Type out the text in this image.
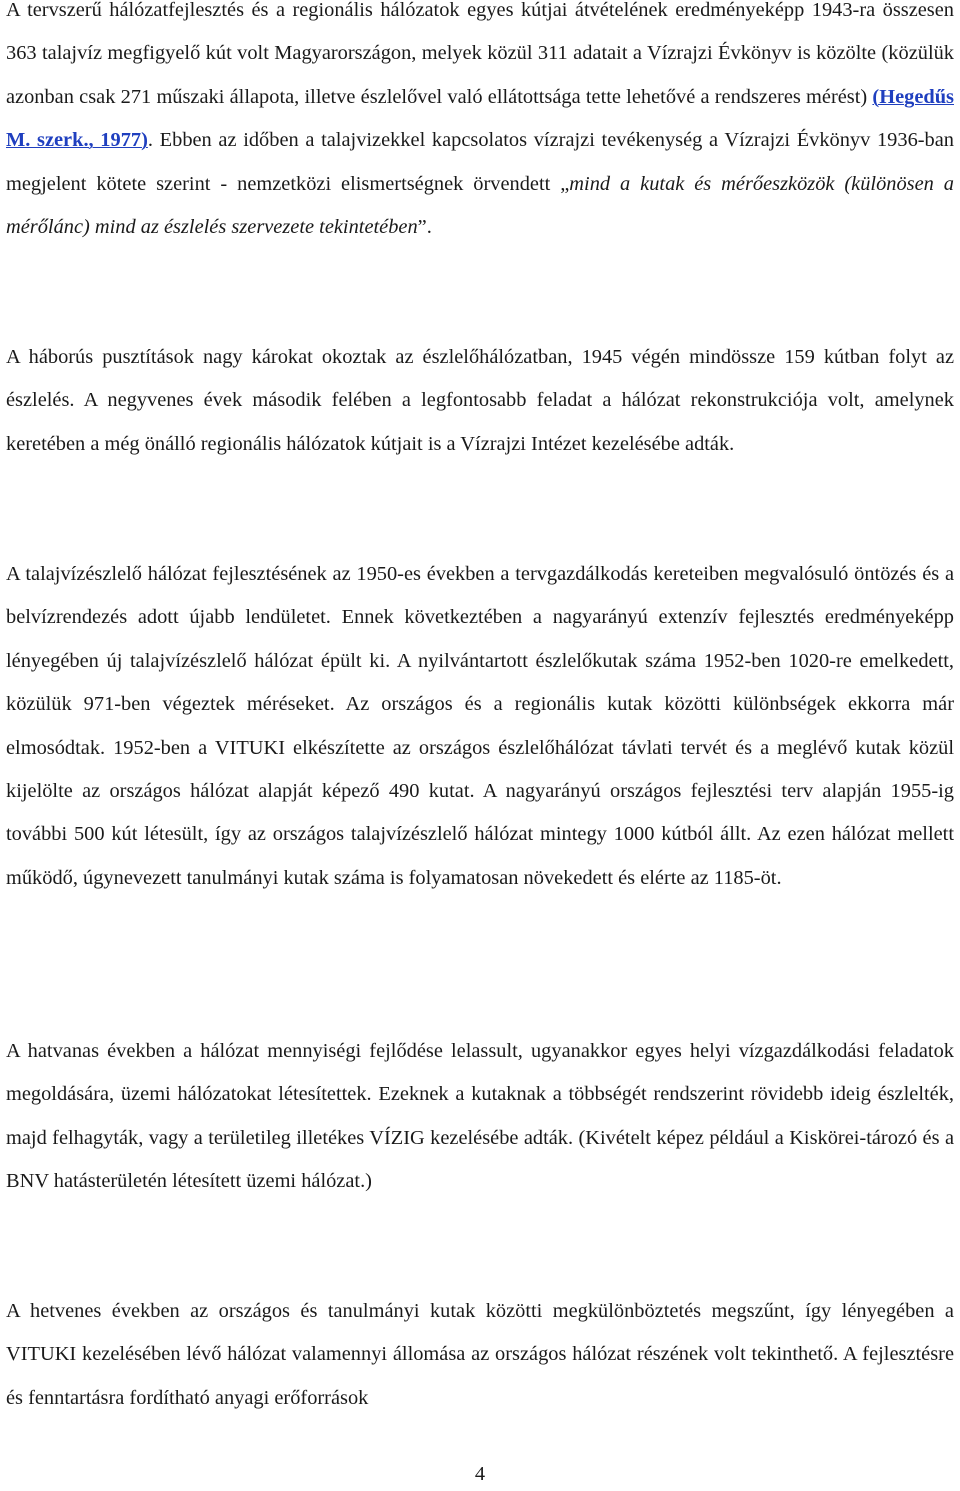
A tervszerű hálózatfejlesztés és a regionális hálózatok egyes kútjai átvételének eredményeképp 1943-ra összesen 363 talajvíz megfigyelő kút volt Magyarországon, melyek közül 311 adatait a Vízrajzi Évkönyv is közölte (közülük azonban csak 271 műszaki állapota, illetve észlelővel való ellátottsága tette lehetővé a rendszeres mérést) (Hegedűs M. szerk., 1977). Ebben az időben a talajvizekkel kapcsolatos vízrajzi tevékenység a Vízrajzi Évkönyv 1936-ban megjelent kötete szerint - nemzetközi elismertségnek örvendett „mind a kutak és mérőeszközök (különösen a mérőlánc) mind az észlelés szervezete tekintetében”.

A háborús pusztítások nagy károkat okoztak az észlelőhálózatban, 1945 végén mindössze 159 kútban folyt az észlelés. A negyvenes évek második felében a legfontosabb feladat a hálózat rekonstrukciója volt, amelynek keretében a még önálló regionális hálózatok kútjait is a Vízrajzi Intézet kezelésébe adták.

A talajvízészlelő hálózat fejlesztésének az 1950-es években a tervgazdálkodás kereteiben megvalósuló öntözés és a belvízrendezés adott újabb lendületet. Ennek következtében a nagyarányú extenzív fejlesztés eredményeképp lényegében új talajvízészlelő hálózat épült ki. A nyilvántartott észlelőkutak száma 1952-ben 1020-re emelkedett, közülük 971-ben végeztek méréseket. Az országos és a regionális kutak közötti különbségek ekkorra már elmosódtak. 1952-ben a VITUKI elkészítette az országos észlelőhálózat távlati tervét és a meglévő kutak közül kijelölte az országos hálózat alapját képező 490 kutat. A nagyarányú országos fejlesztési terv alapján 1955-ig további 500 kút létesült, így az országos talajvízészlelő hálózat mintegy 1000 kútból állt. Az ezen hálózat mellett működő, úgynevezett tanulmányi kutak száma is folyamatosan növekedett és elérte az 1185-öt.

A hatvanas években a hálózat mennyiségi fejlődése lelassult, ugyanakkor egyes helyi vízgazdálkodási feladatok megoldására, üzemi hálózatokat létesítettek. Ezeknek a kutaknak a többségét rendszerint rövidebb ideig észlelték, majd felhagyták, vagy a területileg illetékes VÍZIG kezelésébe adták. (Kivételt képez például a Kiskörei-tározó és a BNV hatásterületén létesített üzemi hálózat.)

A hetvenes években az országos és tanulmányi kutak közötti megkülönböztetés megszűnt, így lényegében a VITUKI kezelésében lévő hálózat valamennyi állomása az országos hálózat részének volt tekinthető. A fejlesztésre és fenntartásra fordítható anyagi erőforrások

4
